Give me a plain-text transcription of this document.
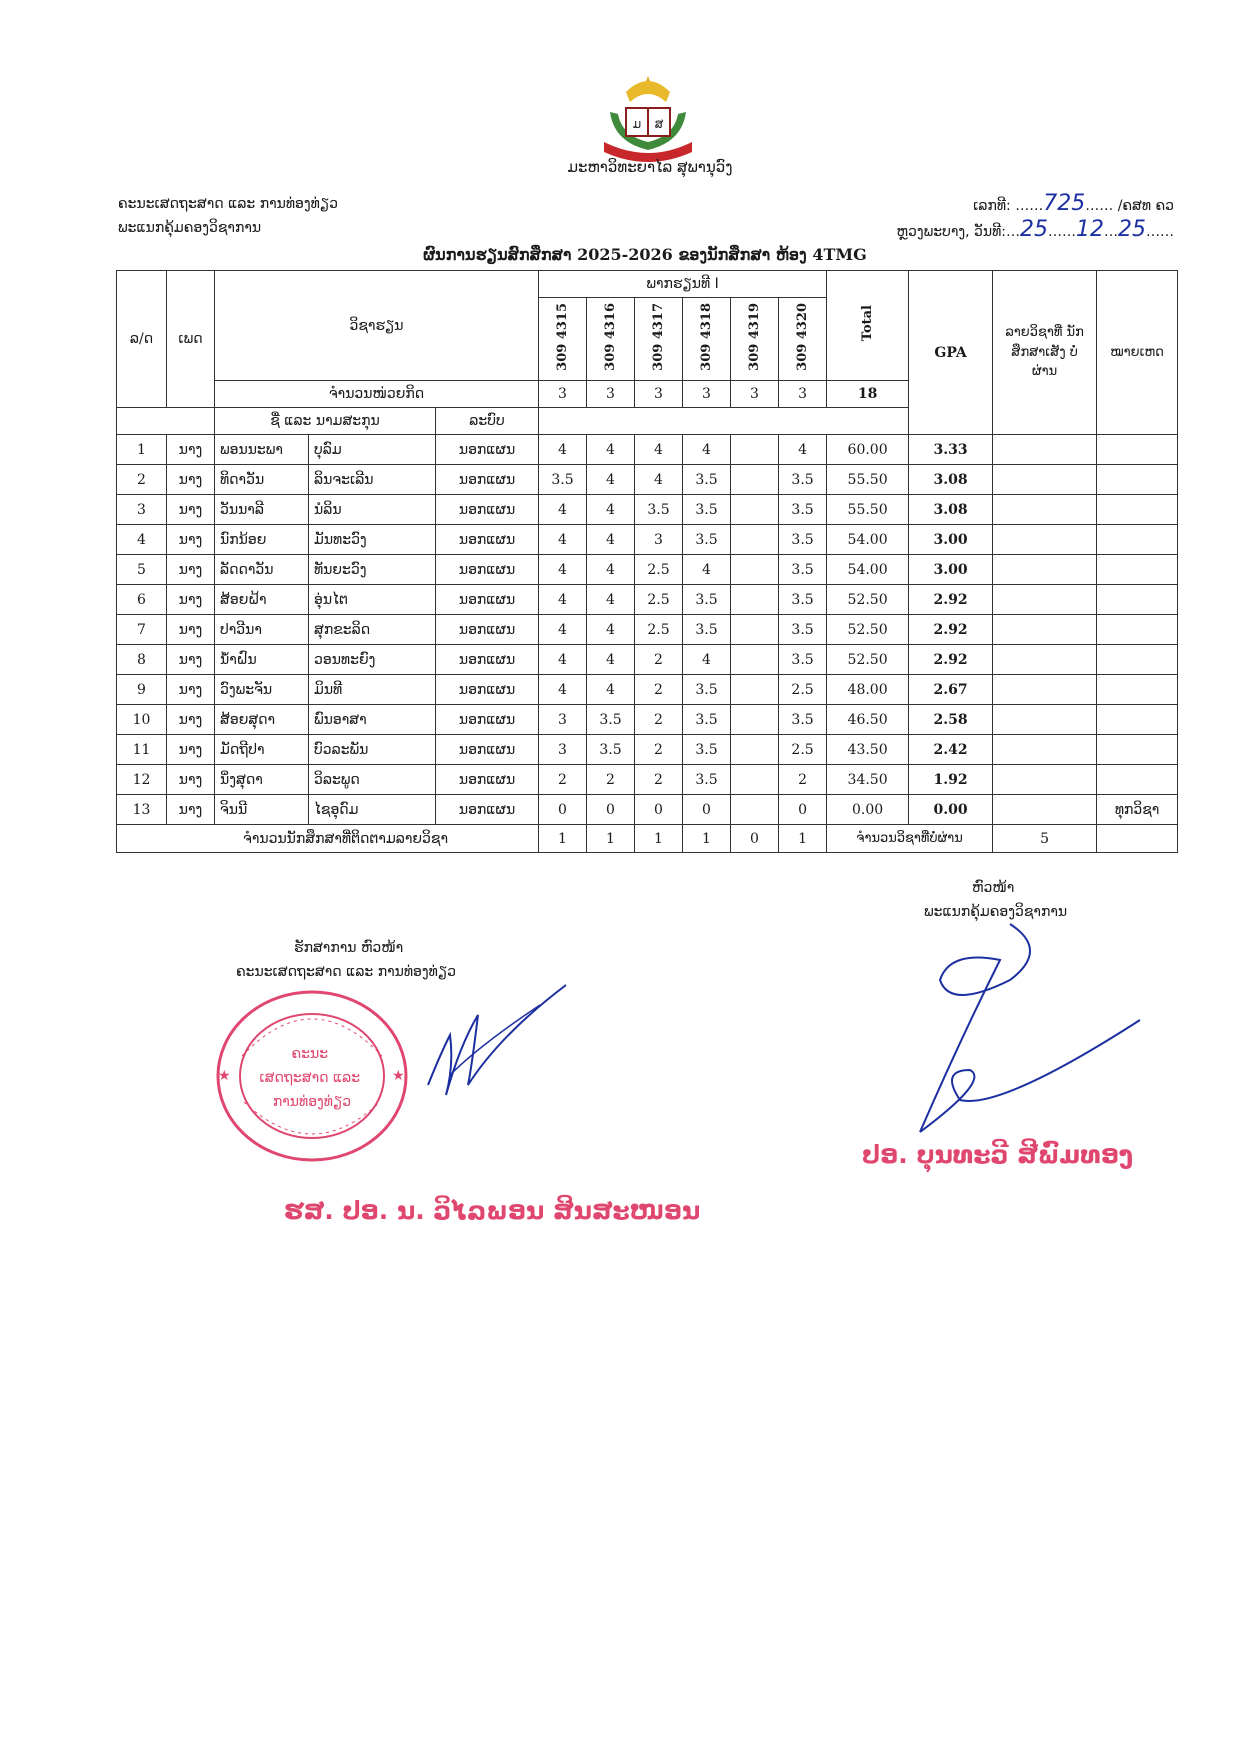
ມ ສ
ມະຫາວິທະຍາໄລ ສຸພານຸວົງ
ຄະນະເສດຖະສາດ ແລະ ການທ່ອງທ່ຽວ
ພະແນກຄຸ້ມຄອງວິຊາການ
ເລກທີ: ……725…… /ຄສທ ຄວ
ຫຼວງພະບາງ, ວັນທີ:…25……12…25……
ຜົນການຮຽນສົກສຶກສາ 2025-2026 ຂອງນັກສຶກສາ ຫ້ອງ 4TMG
ລ/ດ	ເພດ	ວິຊາຮຽນ			ພາກຮຽນທີ I						Total	GPA	ລາຍວິຊາທີ່ ນັກສຶກສາເສັງ ບໍ່ຜ່ານ	ໝາຍເຫດ
					309 4315	309 4316	309 4317	309 4318	309 4319	309 4320				
		ຈຳນວນໜ່ວຍກິດ			3	3	3	3	3	3	18			
		ຊື່ ແລະ ນາມສະກຸນ		ລະບົບ										
1	ນາງ	ພອນນະພາ	ບຸລົມ	ນອກແຜນ	4	4	4	4		4	60.00	3.33		
2	ນາງ	ທິດາວັນ	ລິນຈະເລີນ	ນອກແຜນ	3.5	4	4	3.5		3.5	55.50	3.08		
3	ນາງ	ວັນນາລີ	ນໍລິນ	ນອກແຜນ	4	4	3.5	3.5		3.5	55.50	3.08		
4	ນາງ	ນົກນ້ອຍ	ມັນທະວົງ	ນອກແຜນ	4	4	3	3.5		3.5	54.00	3.00		
5	ນາງ	ລັດດາວັນ	ທັນຍະວົງ	ນອກແຜນ	4	4	2.5	4		3.5	54.00	3.00		
6	ນາງ	ສ້ອຍຝ້າ	ອຸ່ນໄຕ	ນອກແຜນ	4	4	2.5	3.5		3.5	52.50	2.92		
7	ນາງ	ປາວີນາ	ສຸກຂະລິດ	ນອກແຜນ	4	4	2.5	3.5		3.5	52.50	2.92		
8	ນາງ	ນ້ຳຝົນ	ວອນທະຍົງ	ນອກແຜນ	4	4	2	4		3.5	52.50	2.92		
9	ນາງ	ວົງພະຈັນ	ມິນທີ	ນອກແຜນ	4	4	2	3.5		2.5	48.00	2.67		
10	ນາງ	ສ້ອຍສຸດາ	ພົນອາສາ	ນອກແຜນ	3	3.5	2	3.5		3.5	46.50	2.58		
11	ນາງ	ມັດຖີປາ	ບົວລະພັນ	ນອກແຜນ	3	3.5	2	3.5		2.5	43.50	2.42		
12	ນາງ	ນິ່ງສຸດາ	ວິລະພູດ	ນອກແຜນ	2	2	2	3.5		2	34.50	1.92		
13	ນາງ	ຈິນນີ	ໄຊອຸດົມ	ນອກແຜນ	0	0	0	0		0	0.00	0.00		ທຸກວິຊາ
ຈຳນວນນັກສຶກສາທີ່ຕິດຕາມລາຍວິຊາ					1	1	1	1	0	1	ຈຳນວນວິຊາທີ່ບໍ່ຜ່ານ		5	
ຫົວໜ້າ
ພະແນກຄຸ້ມຄອງວິຊາການ
ຮັກສາການ ຫົວໜ້າ
ຄະນະເສດຖະສາດ ແລະ ການທ່ອງທ່ຽວ
★	★
ຄະນະ ເສດຖະສາດ ແລະ ການທ່ອງທ່ຽວ
ປອ. ບຸນທະວີ ສີພົມທອງ
ຮສ. ປອ. ນ. ວິໄລພອນ ສິນສະໜອນ
